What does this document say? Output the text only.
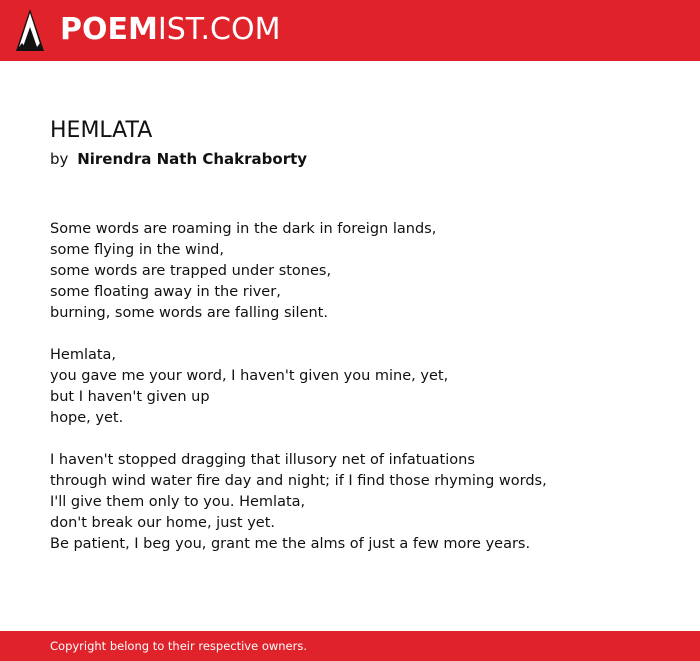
POEMIST.COM
HEMLATA
by Nirendra Nath Chakraborty
Some words are roaming in the dark in foreign lands,
some flying in the wind,
some words are trapped under stones,
some floating away in the river,
burning, some words are falling silent.
Hemlata,
you gave me your word, I haven't given you mine, yet,
but I haven't given up
hope, yet.
I haven't stopped dragging that illusory net of infatuations
through wind water fire day and night; if I find those rhyming words,
I'll give them only to you. Hemlata,
don't break our home, just yet.
Be patient, I beg you, grant me the alms of just a few more years.
Copyright belong to their respective owners.
